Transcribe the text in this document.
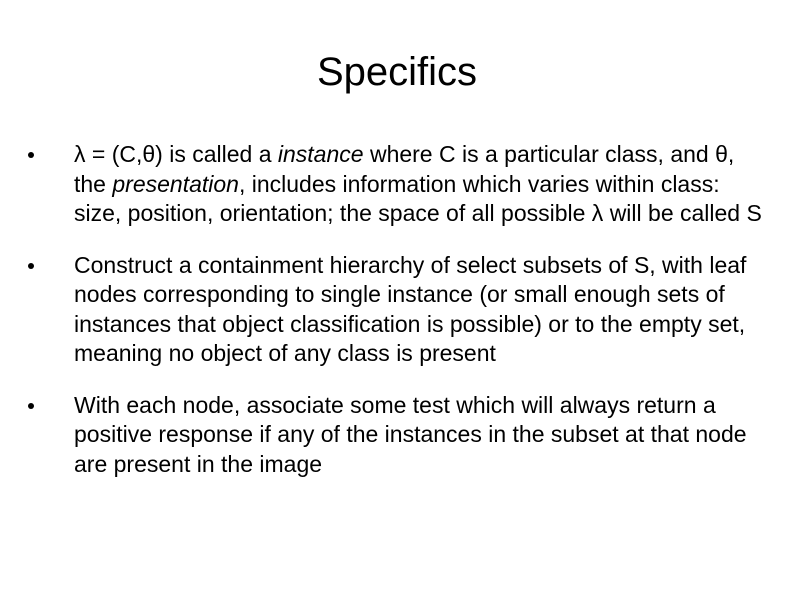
Specifics
λ = (C,θ) is called a instance where C is a particular class, and θ, the presentation, includes information which varies within class: size, position, orientation; the space of all possible λ will be called S
Construct a containment hierarchy of select subsets of S, with leaf nodes corresponding to single instance (or small enough sets of instances that object classification is possible) or to the empty set, meaning no object of any class is present
With each node, associate some test which will always return a positive response if any of the instances in the subset at that node are present in the image
